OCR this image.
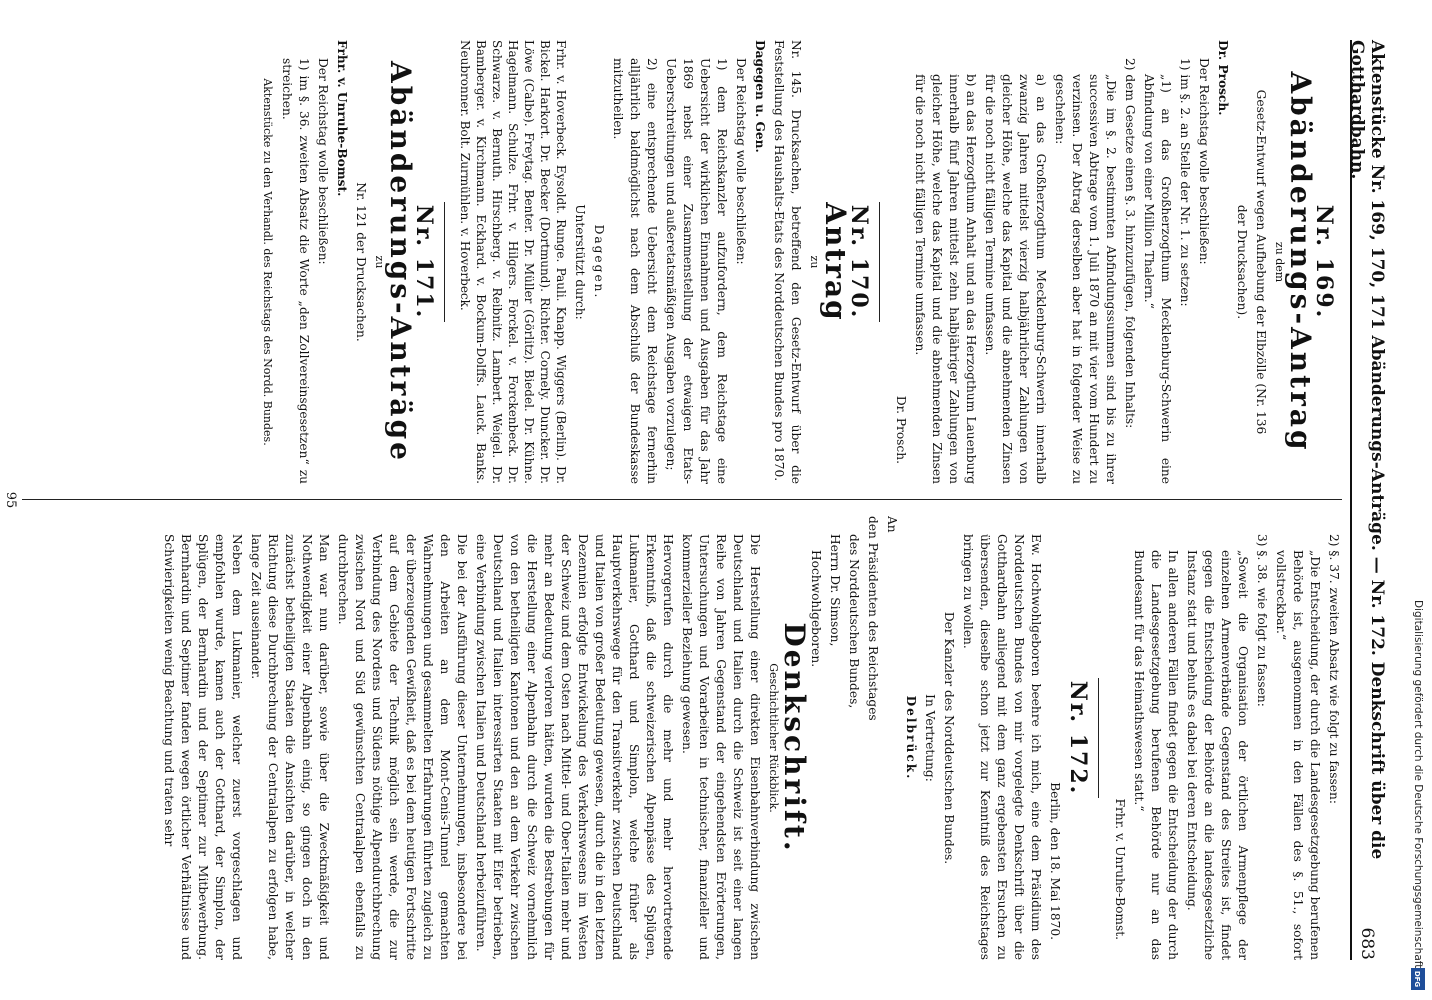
Aktenstücke Nr. 169, 170, 171 Abänderungs-Anträge. — Nr. 172. Denkschrift über die Gotthardbahn.
683
Nr. 169.
Abänderungs-Antrag
zu dem

Gesetz-Entwurf wegen Aufhebung der Elbzölle (Nr. 136

der Drucksachen).

Dr. Prosch.

Der Reichstag wolle beschließen:

1) im §. 2. an Stelle der Nr. 1. zu setzen:

„1) an das Großherzogthum Mecklenburg-Schwerin eine Abfindung von einer Million Thalern.“

2) dem Gesetze einen §. 3. hinzuzufügen, folgenden Inhalts:

„Die im §. 2. bestimmten Abfindungssummen sind bis zu ihrer successiven Abtrage vom 1. Juli 1870 an mit vier vom Hundert zu verzinsen. Der Abtrag derselben aber hat in folgender Weise zu geschehen:

a) an das Großherzogthum Mecklenburg-Schwerin innerhalb zwanzig Jahren mittelst vierzig halbjährlicher Zahlungen von gleicher Höhe, welche das Kapital und die abnehmenden Zinsen für die noch nicht fälligen Termine umfassen.

b) an das Herzogthum Anhalt und an das Herzogthum Lauenburg innerhalb fünf Jahren mittelst zehn halbjähriger Zahlungen von gleicher Höhe, welche das Kapital und die abnehmenden Zinsen für die noch nicht fälligen Termine umfassen.

Dr. Prosch.

Nr. 170.
Antrag
zu

Nr. 145. Drucksachen, betreffend den Gesetz-Entwurf über die Feststellung des Haushalts-Etats des Norddeutschen Bundes pro 1870.

Dagegen u. Gen.

Der Reichstag wolle beschließen:

1) dem Reichskanzler aufzufordern, dem Reichstage eine Uebersicht der wirklichen Einnahmen und Ausgaben für das Jahr 1869 nebst einer Zusammenstellung der etwaigen Etats-Ueberschreitungen und außeretatsmäßigen Ausgaben vorzulegen;

2) eine entsprechende Uebersicht dem Reichstage fernerhin alljährlich baldmöglichst nach dem Abschluß der Bundeskasse mitzutheilen.

Dagegen.

Unterstützt durch:

Frhr. v. Hoverbeck. Eysoldt. Runge. Pauli. Knapp. Wiggers (Berlin). Dr. Bickel. Harkort. Dr. Becker (Dortmund). Richter. Cornely. Duncker. Dr. Löwe (Calbe). Freytag. Benter. Dr. Müller (Görlitz). Biedel. Dr. Kühne. Hagelmann. Schulze. Frhr. v. Hilgers. Forckel. v. Forckenbeck. Dr. Schwarze. v. Bernuth. Hirschberg. v. Reibnitz. Lambert. Weigel. Dr. Bamberger. v. Kirchmann. Eckhard. v. Bockum-Dolffs. Lauck. Banks. Neubronner. Bolt. Zurmühlen. v. Hoverbeck.

Nr. 171.
Abänderungs-Anträge
zu

Nr. 121 der Drucksachen.

Frhr. v. Unruhe-Bomst.

Der Reichstag wolle beschließen:

1) im §. 36. zweiten Absatz die Worte „den Zollvereinsgesetzen“ zu streichen.

Aktenstücke zu den Verhandl. des Reichstags des Nordd. Bundes.

2) §. 37. zweiten Absatz wie folgt zu fassen:

„Die Entscheidung, der durch die Landesgesetzgebung berufenen Behörde ist, ausgenommen in den Fällen des §. 51., sofort vollstreckbar.“

3) §. 38. wie folgt zu fassen:

„Soweit die Organisation der örtlichen Armenpflege der einzelnen Armenverbände Gegenstand des Streites ist, findet gegen die Entscheidung der Behörde an die landesgesetzliche Instanz statt und behufs es dabei bei deren Entscheidung.

In allen anderen Fällen findet gegen die Entscheidung der durch die Landesgesetzgebung berufenen Behörde nur an das Bundesamt für das Heimathswesen statt.“

Frhr. v. Unruhe-Bomst.

Nr. 172.

Berlin, den 18. Mai 1870.

Ew. Hochwohlgeboren beehre ich mich, eine dem Präsidium des Norddeutschen Bundes von mir vorgelegte Denkschrift über die Gotthardbahn anliegend mit dem ganz ergebensten Ersuchen zu übersenden, dieselbe schon jetzt zur Kenntniß des Reichstages bringen zu wollen.

Der Kanzler des Norddeutschen Bundes.

In Vertretung:

Delbrück.

An

den Präsidenten des Reichstages

des Norddeutschen Bundes,

Herrn Dr. Simson,

Hochwohlgeboren.

Denkschrift.
Geschichtlicher Rückblick.

Die Herstellung einer direkten Eisenbahnverbindung zwischen Deutschland und Italien durch die Schweiz ist seit einer langen Reihe von Jahren Gegenstand der eingehendsten Erörterungen, Untersuchungen und Vorarbeiten in technischer, finanzieller und kommerzieller Beziehung gewesen.

Hervorgerufen durch die mehr und mehr hervortretende Erkenntniß, daß die schweizerischen Alpenpässe des Splügen, Lukmanier, Gotthard und Simplon, welche früher als Hauptverkehrswege für den Transitverkehr zwischen Deutschland und Italien von großer Bedeutung gewesen, durch die in den letzten Dezennien erfolgte Entwickelung des Verkehrswesens im Westen der Schweiz und dem Osten nach Mittel- und Ober-Italien mehr und mehr an Bedeutung verloren hätten, wurden die Bestrebungen für die Herstellung einer Alpenbahn durch die Schweiz vornehmlich von den betheiligten Kantonen und den an dem Verkehr zwischen Deutschland und Italien interessirten Staaten mit Eifer betrieben, eine Verbindung zwischen Italien und Deutschland herbeizuführen.

Die bei der Ausführung dieser Unternehmungen, insbesondere bei den Arbeiten an dem Mont-Cenis-Tunnel gemachten Wahrnehmungen und gesammelten Erfahrungen führten zugleich zu der überzeugenden Gewißheit, daß es bei dem heutigen Fortschritte auf dem Gebiete der Technik möglich sein werde, die zur Verbindung des Nordens und Südens nöthige Alpendurchbrechung zwischen Nord und Süd gewünschten Centralalpen ebenfalls zu durchbrechen.

Man war nun darüber, sowie über die Zweckmäßigkeit und Nothwendigkeit einer Alpenbahn einig, so gingen doch in den zunächst betheiligten Staaten die Ansichten darüber, in welcher Richtung diese Durchbrechung der Centralalpen zu erfolgen habe, lange Zeit auseinander.

Neben dem Lukmanier, welcher zuerst vorgeschlagen und empfohlen wurde, kamen auch der Gotthard, der Simplon, der Splügen, der Bernhardin und der Septimer zur Mitbewerbung. Bernhardin und Septimer fanden wegen örtlicher Verhältnisse und Schwierigkeiten wenig Beachtung und traten sehr

95
Digitalisierung gefördert durch die Deutsche Forschungsgemeinschaft
DFG
